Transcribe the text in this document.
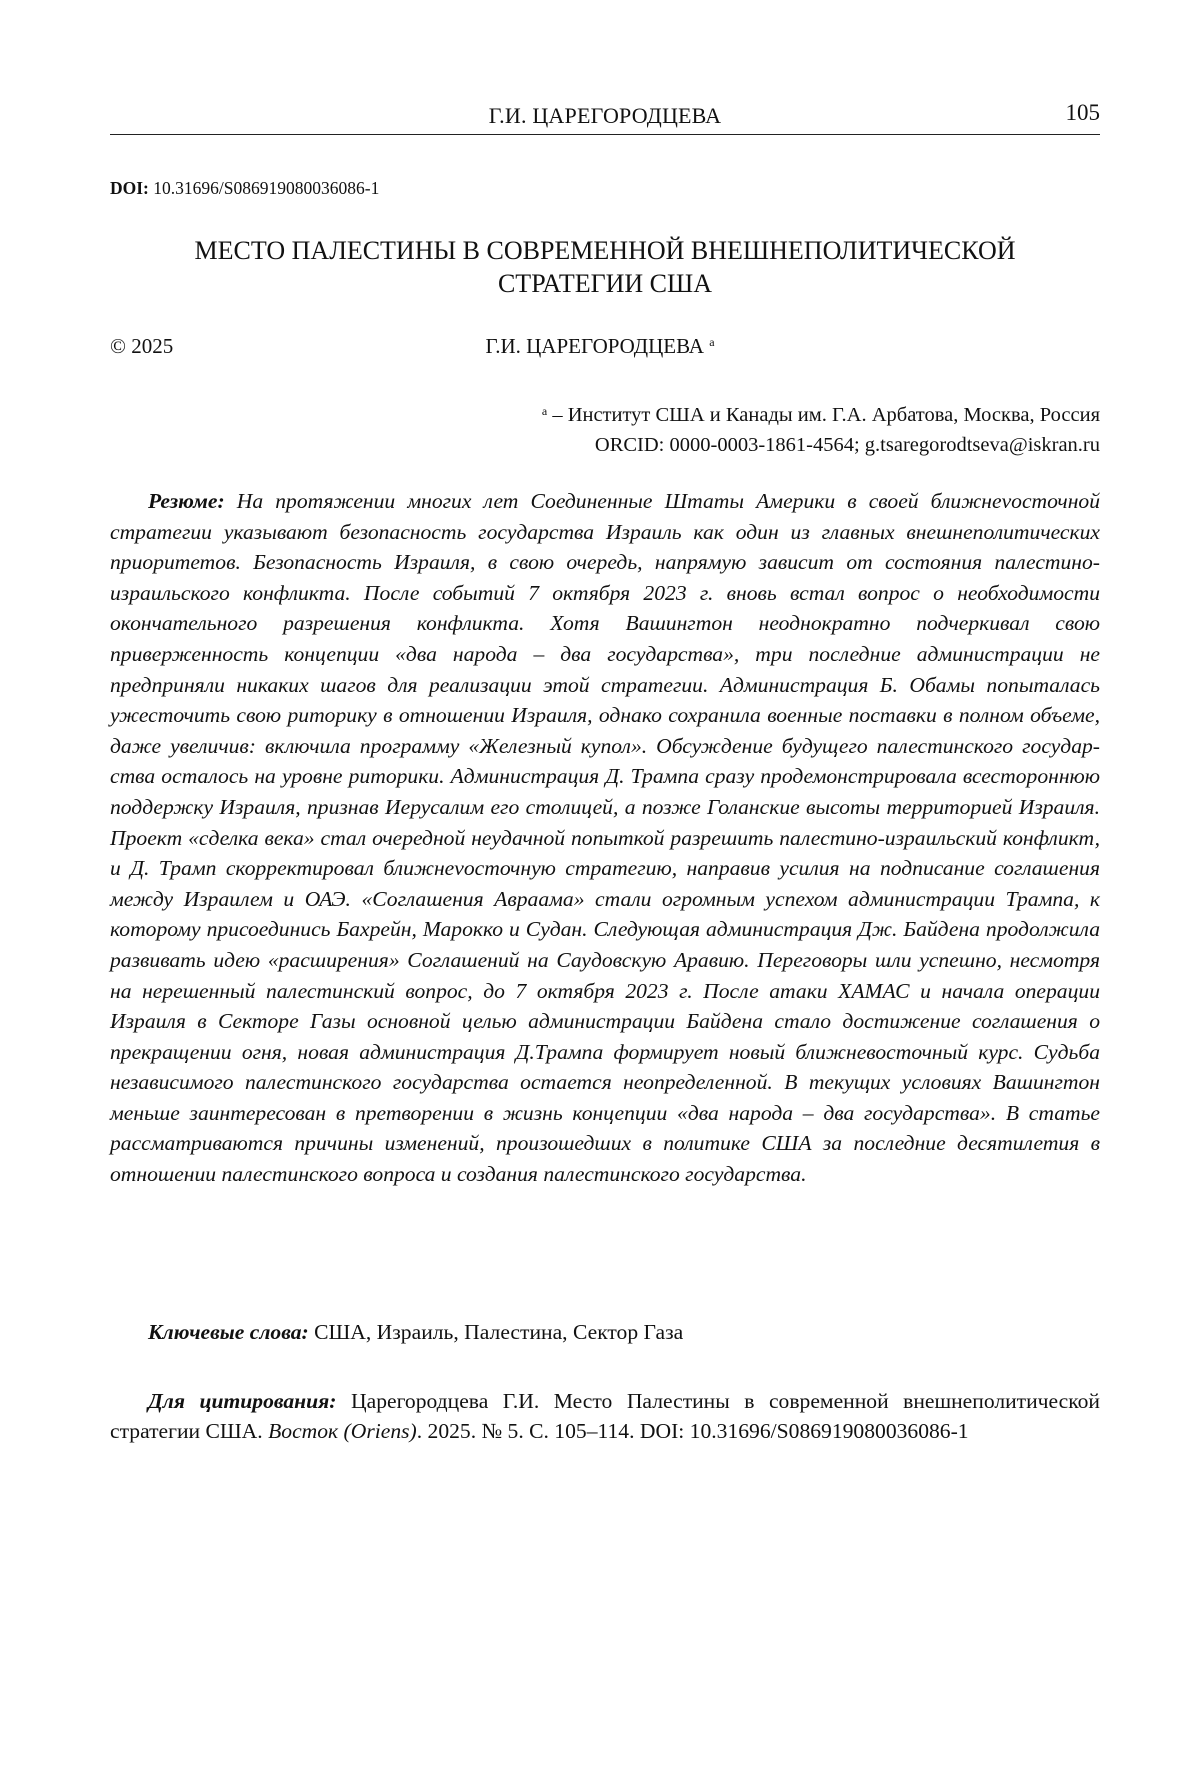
Г.И. ЦАРЕГОРОДЦЕВА	105
DOI: 10.31696/S086919080036086-1
МЕСТО ПАЛЕСТИНЫ В СОВРЕМЕННОЙ ВНЕШНЕПОЛИТИЧЕСКОЙ
СТРАТЕГИИ США
© 2025	Г.И. ЦАРЕГОРОДЦЕВА $^a$
$^a$ – Институт США и Канады им. Г.А. Арбатова, Москва, Россия
ORCID: 0000-0003-1861-4564; g.tsaregorodtseva@iskran.ru

Резюме: На протяжении многих лет Соединенные Штаты Америки в своей ближнеvосточной стратегии указывают безопасность государства Израиль как один из главных внешнеполитических приоритетов. Безопасность Израиля, в свою очередь, напрямую зависит от состояния палестино-израильского конфликта. После событий 7 октября 2023 г. вновь встал вопрос о необходимости окончательного разрешения конфликта. Хотя Вашингтон неоднократно подчеркивал свою приверженность концепции «два народа – два государства», три последние администрации не предприняли никаких шагов для реализации этой стратегии. Администрация Б. Обамы попыталась ужесточить свою риторику в отношении Израиля, однако сохранила военные поставки в полном объеме, даже увеличив: включила программу «Железный купол». Обсуждение будущего палестинского государства осталось на уровне риторики. Администрация Д. Трампа сразу продемонстрировала всестороннюю поддержку Израиля, признав Иерусалим его столицей, а позже Голанские высоты территорией Израиля. Проект «сделка века» стал очередной неудачной попыткой разрешить палестино-израильский конфликт, и Д. Трамп скорректировал ближнеvосточную стратегию, направив усилия на подписание соглашения между Израилем и ОАЭ. «Соглашения Авраама» стали огромным успехом администрации Трампа, к которому присоединись Бахрейн, Марокко и Судан. Следующая администрация Дж. Байдена продолжила развивать идею «расширения» Соглашений на Саудовскую Аравию. Переговоры шли успешно, несмотря на нерешенный палестинский вопрос, до 7 октября 2023 г. После атаки ХАМАС и начала операции Израиля в Секторе Газы основной целью администрации Байдена стало достижение соглашения о прекращении огня, новая администрация Д.Трампа формирует новый ближневосточный курс. Судьба независимого палестинского государства остается неопределенной. В текущих условиях Вашингтон меньше заинтересован в претворении в жизнь концепции «два народа – два государства». В статье рассматриваются причины изменений, произошедших в политике США за последние десятилетия в отношении палестинского вопроса и создания палестинского государства.

Ключевые слова: США, Израиль, Палестина, Сектор Газа

Для цитирования: Царегородцева Г.И. Место Палестины в современной внешнеполитической стратегии США. Восток (Oriens). 2025. № 5. С. 105–114. DOI: 10.31696/​S086919080036086-1
